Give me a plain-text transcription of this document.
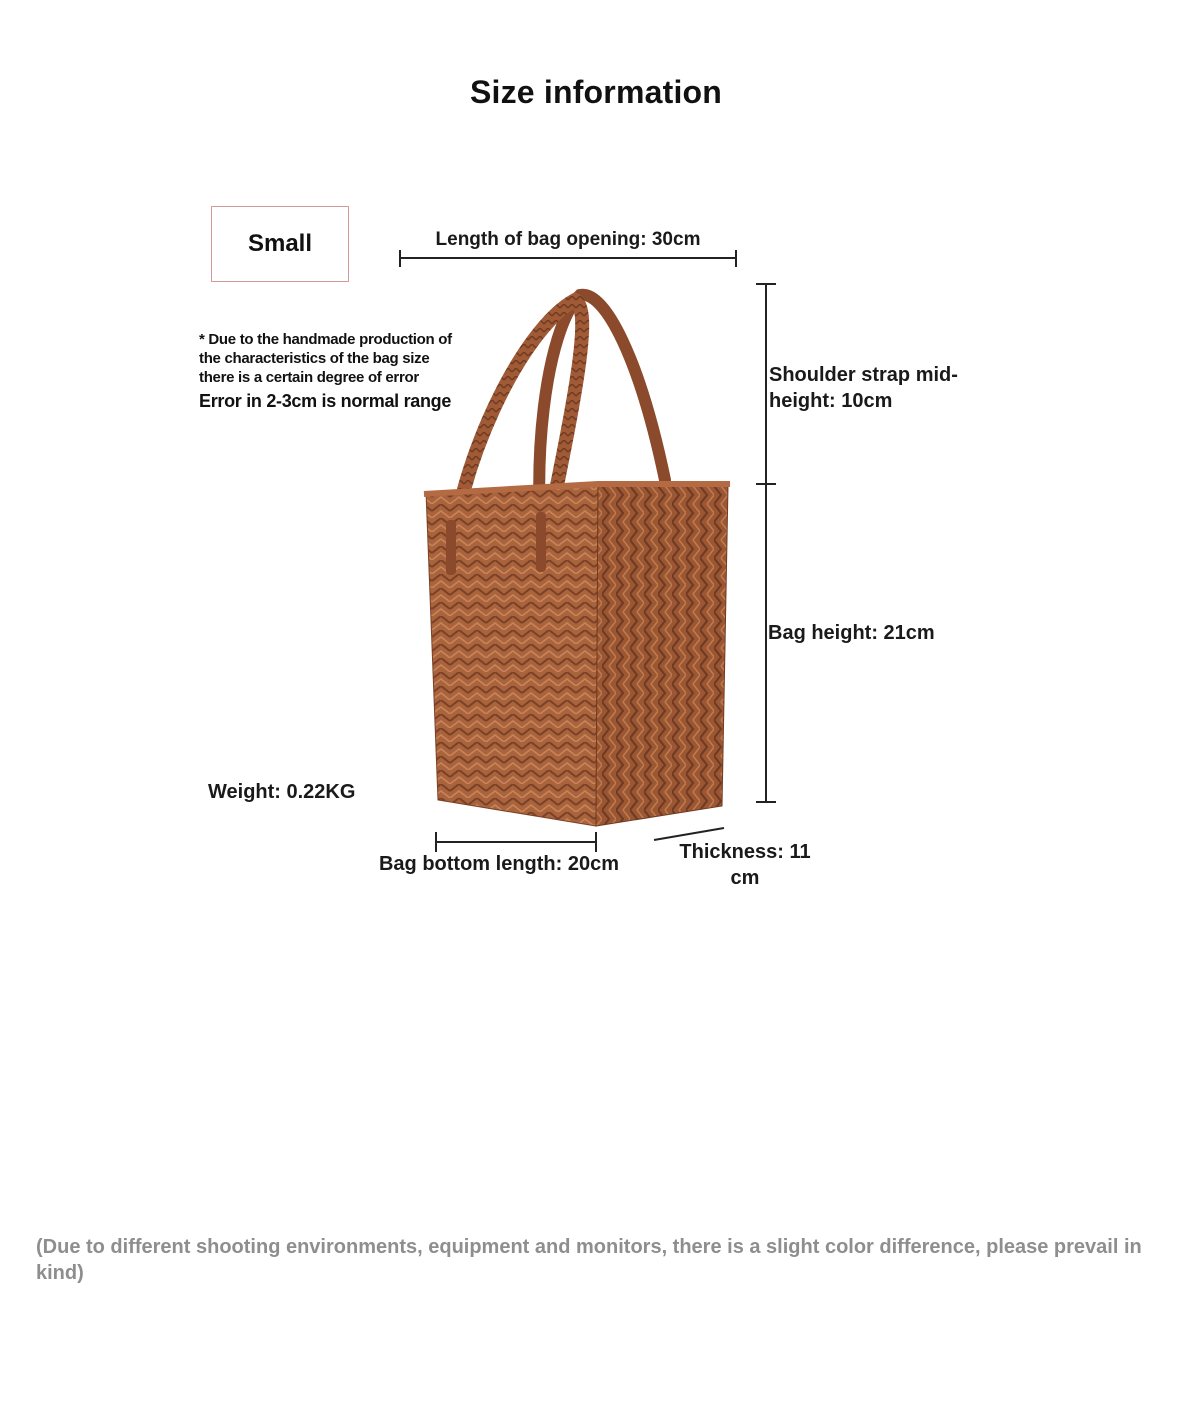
Size information
Small
* Due to the handmade production of
the characteristics of the bag size
there is a certain degree of error
Error in 2-3cm is normal range
Length of bag opening: 30cm
Shoulder strap mid-
height: 10cm
Bag height: 21cm
Weight: 0.22KG
Bag bottom length: 20cm
Thickness: 11
cm
(Due to different shooting environments, equipment and monitors, there is a slight color difference, please prevail in kind)
